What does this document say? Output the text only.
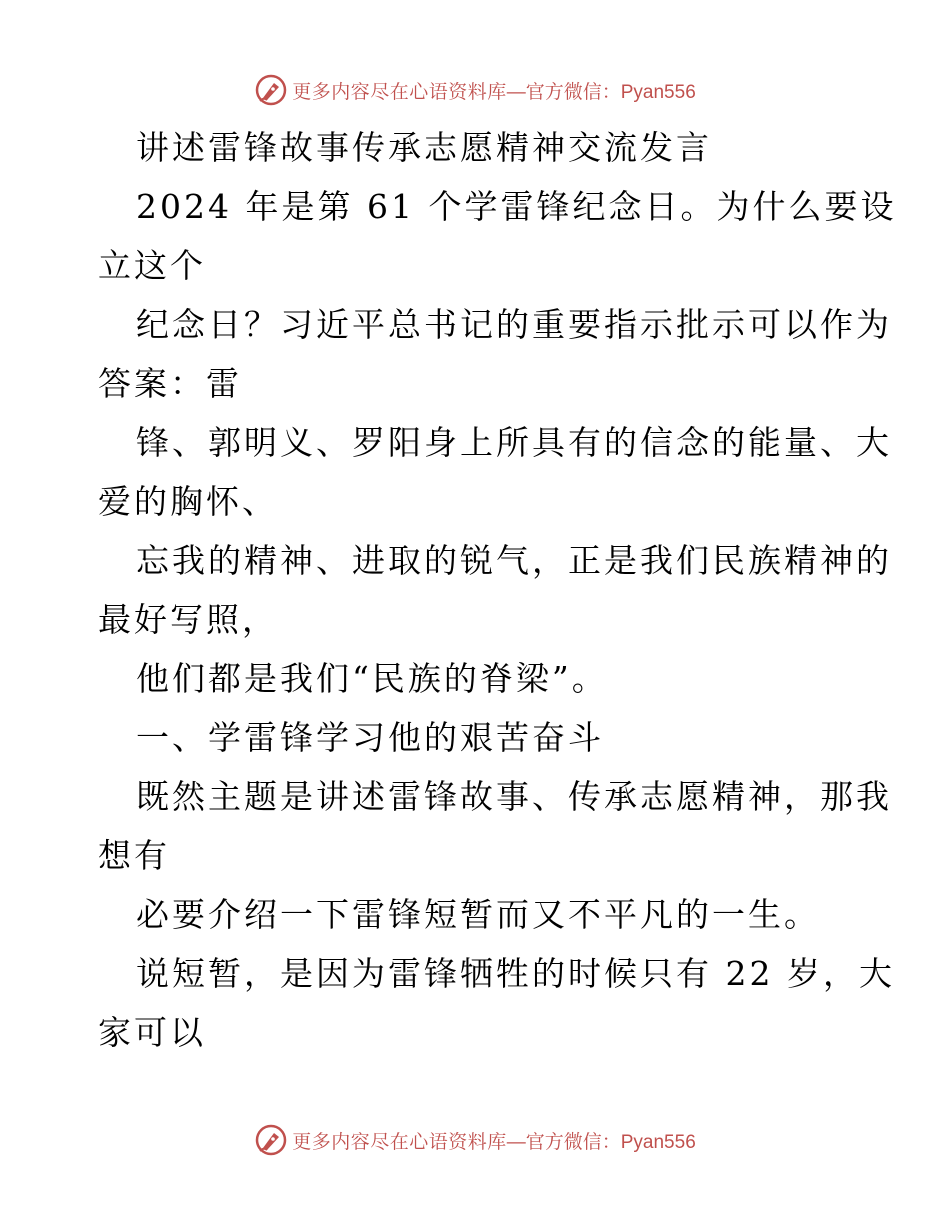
更多内容尽在心语资料库 —官方微信：Pyan556
讲述雷锋故事传承志愿精神交流发言
2024 年是第 61 个学雷锋纪念日。为什么要设
立这个
纪念日？习近平总书记的重要指示批示可以作为
答案：雷
锋、郭明义、罗阳身上所具有的信念的能量、大
爱的胸怀、
忘我的精神、进取的锐气，正是我们民族精神的
最好写照，
他们都是我们“民族的脊梁”。
一、学雷锋学习他的艰苦奋斗
既然主题是讲述雷锋故事、传承志愿精神，那我
想有
必要介绍一下雷锋短暂而又不平凡的一生。
说短暂，是因为雷锋牺牲的时候只有 22 岁，大
家可以
更多内容尽在心语资料库 —官方微信：Pyan556
